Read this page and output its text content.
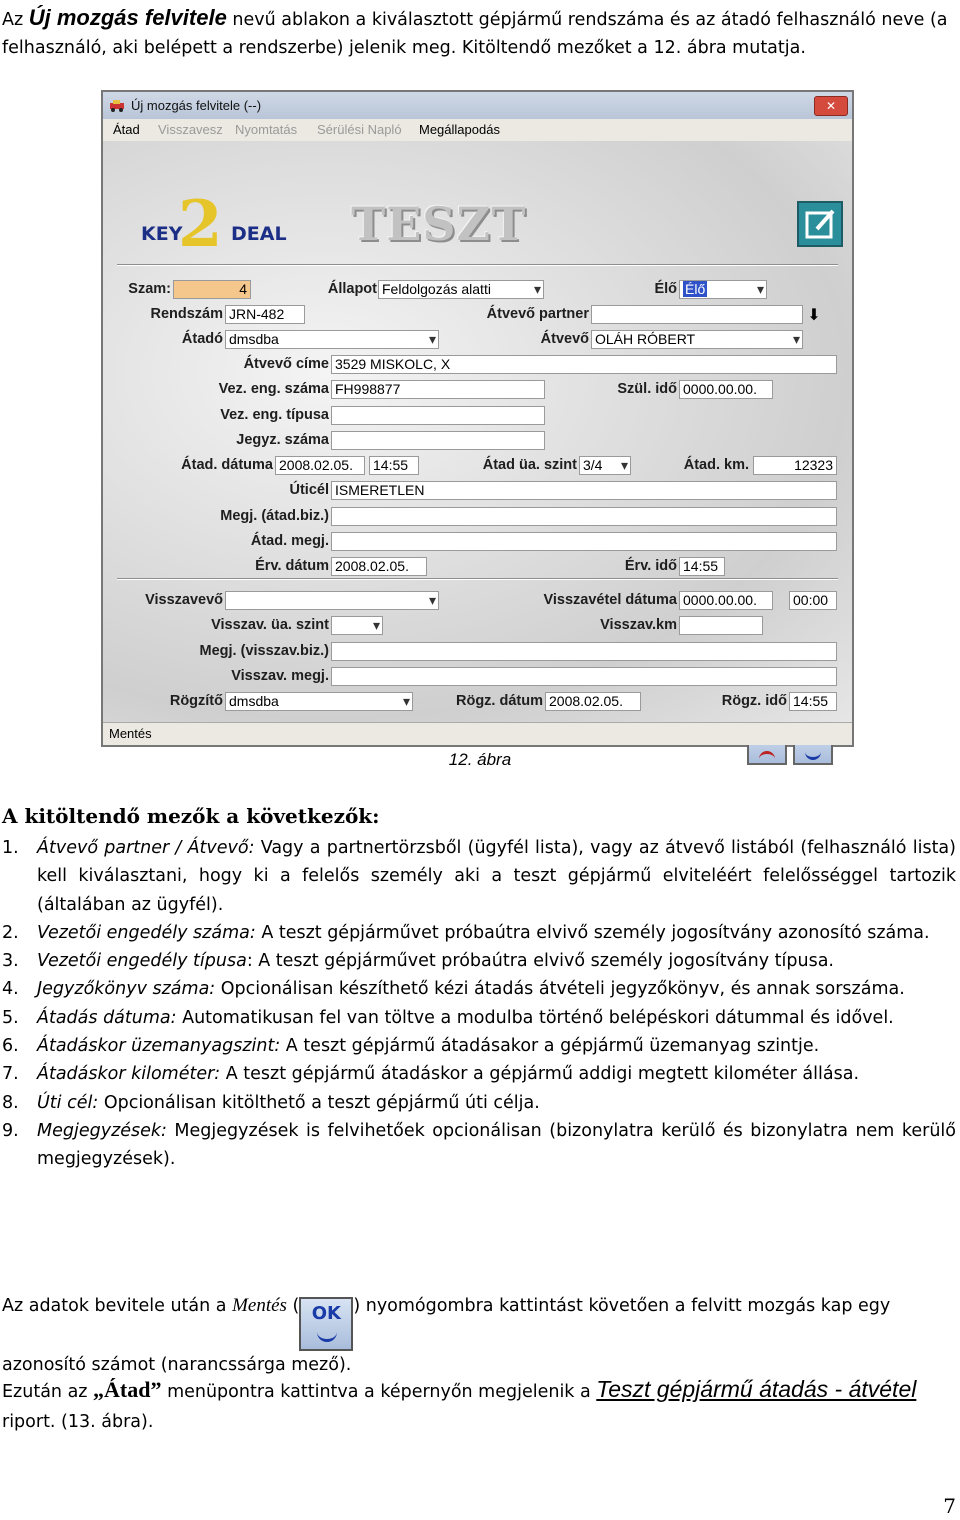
Az Új mozgás felvitele nevű ablakon a kiválasztott gépjármű rendszáma és az átadó felhasználó neve (a felhasználó, aki belépett a rendszerbe) jelenik meg. Kitöltendő mezőket a 12. ábra mutatja.
Új mozgás felvitele (--)	✕
Átad Visszavesz Nyomtatás Sérülési Napló Megállapodás
2
KEY	DEAL TESZT
Szam:	4	Állapot Feldolgozás alatti ▾	Élő Élő ▾
Rendszám JRN-482	Átvevő partner	⬇
Átadó dmsdba ▾	Átvevő OLÁH RÓBERT ▾
Átvevő címe 3529 MISKOLC, X
Vez. eng. száma FH998877	Szül. idő 0000.00.00.
Vez. eng. típusa
Jegyz. száma
Átad. dátuma 2008.02.05.	14:55	Átad üa. szint 3/4 ▾	Átad. km.	12323
Úticél ISMERETLEN
Megj. (átad.biz.)
Átad. megj.
Érv. dátum 2008.02.05.	Érv. idő 14:55
Visszavevő ▾	Visszavétel dátuma 0000.00.00.	00:00
Visszav. üa. szint ▾	Visszav.km
Megj. (visszav.biz.)
Visszav. megj.
Rögzítő dmsdba ▾	Rögz. dátum 2008.02.05.	Rögz. idő 14:55
Mentés
12. ábra
A kitöltendő mezők a következők:
1. Átvevő partner / Átvevő: Vagy a partnertörzsből (ügyfél lista), vagy az átvevő listából (felhasználó lista) kell kiválasztani, hogy ki a felelős személy aki a teszt gépjármű elviteléért felelősséggel tartozik (általában az ügyfél).
2. Vezetői engedély száma: A teszt gépjárművet próbaútra elvivő személy jogosítvány azonosító száma.
3. Vezetői engedély típusa: A teszt gépjárművet próbaútra elvivő személy jogosítvány típusa.
4. Jegyzőkönyv száma: Opcionálisan készíthető kézi átadás átvételi jegyzőkönyv, és annak sorszáma.
5. Átadás dátuma: Automatikusan fel van töltve a modulba történő belépéskori dátummal és idővel.
6. Átadáskor üzemanyagszint: A teszt gépjármű átadásakor a gépjármű üzemanyag szintje.
7. Átadáskor kilométer: A teszt gépjármű átadáskor a gépjármű addigi megtett kilométer állása.
8. Úti cél: Opcionálisan kitölthető a teszt gépjármű úti célja.
9. Megjegyzések: Megjegyzések is felvihetőek opcionálisan (bizonylatra kerülő és bizonylatra nem kerülő megjegyzések).
Az adatok bevitele után a Mentés ( OK ) nyomógombra kattintást követően a felvitt mozgás kap egy azonosító számot (narancssárga mező).
Ezután az „Átad” menüpontra kattintva a képernyőn megjelenik a Teszt gépjármű átadás - átvétel riport. (13. ábra).
7
